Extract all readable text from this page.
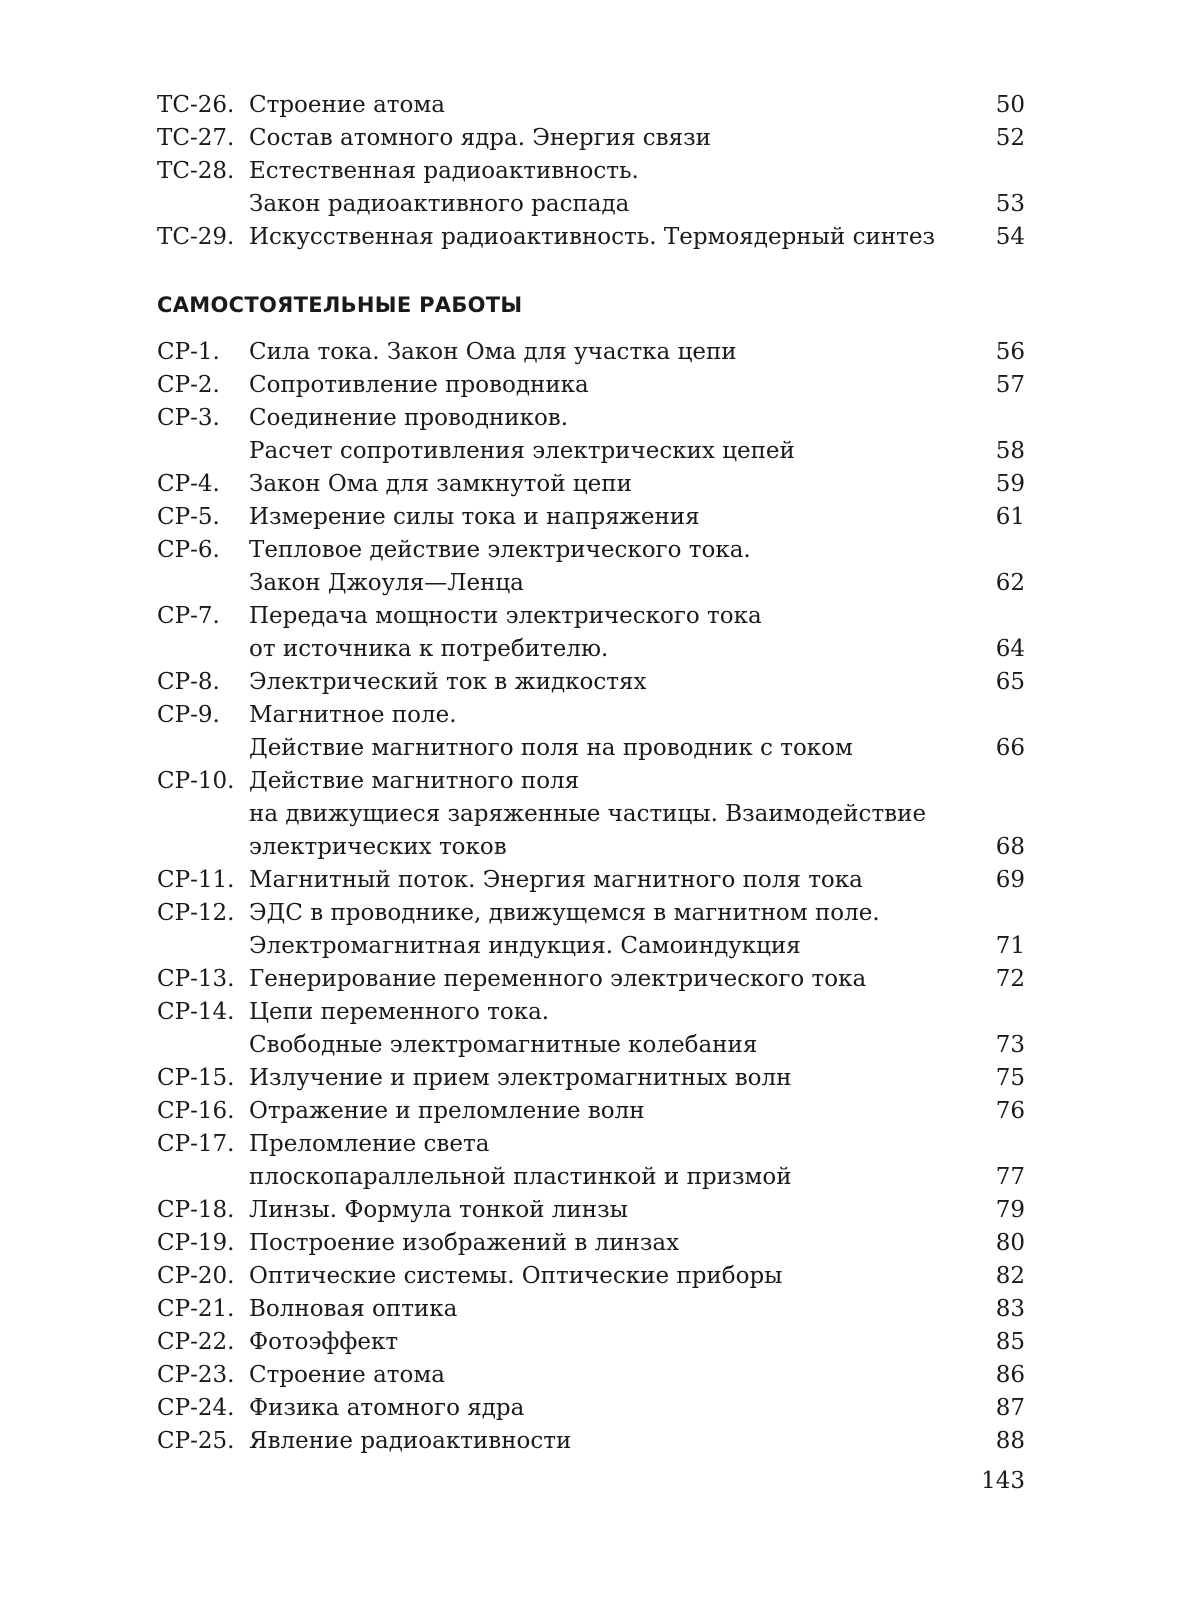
ТС-26. Строение атома	50
ТС-27. Состав атомного ядра. Энергия связи	52
ТС-28. Естественная радиоактивность.
Закон радиоактивного распада	53
ТС-29. Искусственная радиоактивность. Термоядерный синтез	54
САМОСТОЯТЕЛЬНЫЕ РАБОТЫ
СР-1. Сила тока. Закон Ома для участка цепи	56
СР-2. Сопротивление проводника	57
СР-3. Соединение проводников.
Расчет сопротивления электрических цепей	58
СР-4. Закон Ома для замкнутой цепи	59
СР-5. Измерение силы тока и напряжения	61
СР-6. Тепловое действие электрического тока.
Закон Джоуля—Ленца	62
СР-7. Передача мощности электрического тока
от источника к потребителю.	64
СР-8. Электрический ток в жидкостях	65
СР-9. Магнитное поле.
Действие магнитного поля на проводник с током	66
СР-10. Действие магнитного поля
на движущиеся заряженные частицы. Взаимодействие
электрических токов	68
СР-11. Магнитный поток. Энергия магнитного поля тока	69
СР-12. ЭДС в проводнике, движущемся в магнитном поле.
Электромагнитная индукция. Самоиндукция	71
СР-13. Генерирование переменного электрического тока	72
СР-14. Цепи переменного тока.
Свободные электромагнитные колебания	73
СР-15. Излучение и прием электромагнитных волн	75
СР-16. Отражение и преломление волн	76
СР-17. Преломление света
плоскопараллельной пластинкой и призмой	77
СР-18. Линзы. Формула тонкой линзы	79
СР-19. Построение изображений в линзах	80
СР-20. Оптические системы. Оптические приборы	82
СР-21. Волновая оптика	83
СР-22. Фотоэффект	85
СР-23. Строение атома	86
СР-24. Физика атомного ядра	87
СР-25. Явление радиоактивности	88
143
